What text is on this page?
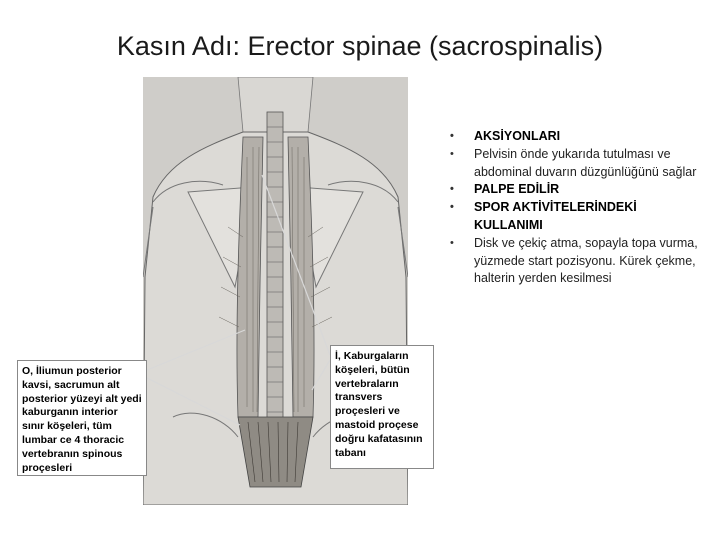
Kasın Adı: Erector spinae (sacrospinalis)
• AKSİYONLARI
• Pelvisin önde yukarıda tutulması ve abdominal duvarın düzgünlüğünü sağlar
• PALPE EDİLİR
• SPOR AKTİVİTELERİNDEKİ KULLANIMI
• Disk ve çekiç atma, sopayla topa vurma, yüzmede start pozisyonu. Kürek çekme, halterin yerden kesilmesi
O, İliumun posterior kavsi, sacrumun alt posterior yüzeyi alt yedi kaburganın interior sınır köşeleri, tüm lumbar ce 4 thoracic vertebranın spinous proçesleri
İ, Kaburgaların köşeleri, bütün vertebraların transvers proçesleri ve mastoid proçese doğru kafatasının tabanı
